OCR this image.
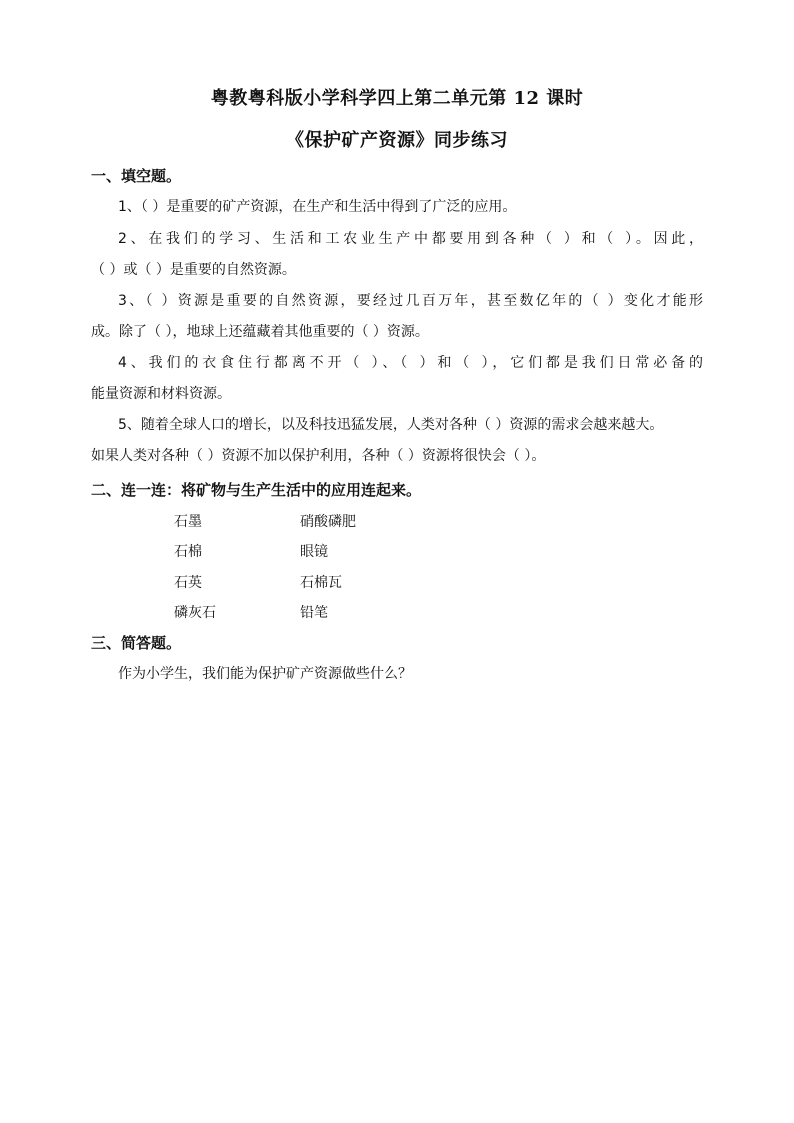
粤教粤科版小学科学四上第二单元第 12 课时
《保护矿产资源》同步练习
一、填空题。
1、（ ）是重要的矿产资源，在生产和生活中得到了广泛的应用。
2、在我们的学习、生活和工农业生产中都要用到各种（ ）和（ ）。因此，
（ ）或（ ）是重要的自然资源。
3、（ ）资源是重要的自然资源，要经过几百万年，甚至数亿年的（ ）变化才能形
成。除了（ ），地球上还蕴藏着其他重要的（ ）资源。
4、我们的衣食住行都离不开（ ）、（ ）和（ ），它们都是我们日常必备的
能量资源和材料资源。
5、随着全球人口的增长，以及科技迅猛发展，人类对各种（ ）资源的需求会越来越大。
如果人类对各种（ ）资源不加以保护利用，各种（ ）资源将很快会（ ）。
二、连一连：将矿物与生产生活中的应用连起来。
石墨	硝酸磷肥
石棉	眼镜
石英	石棉瓦
磷灰石	铅笔
三、简答题。
作为小学生，我们能为保护矿产资源做些什么？
